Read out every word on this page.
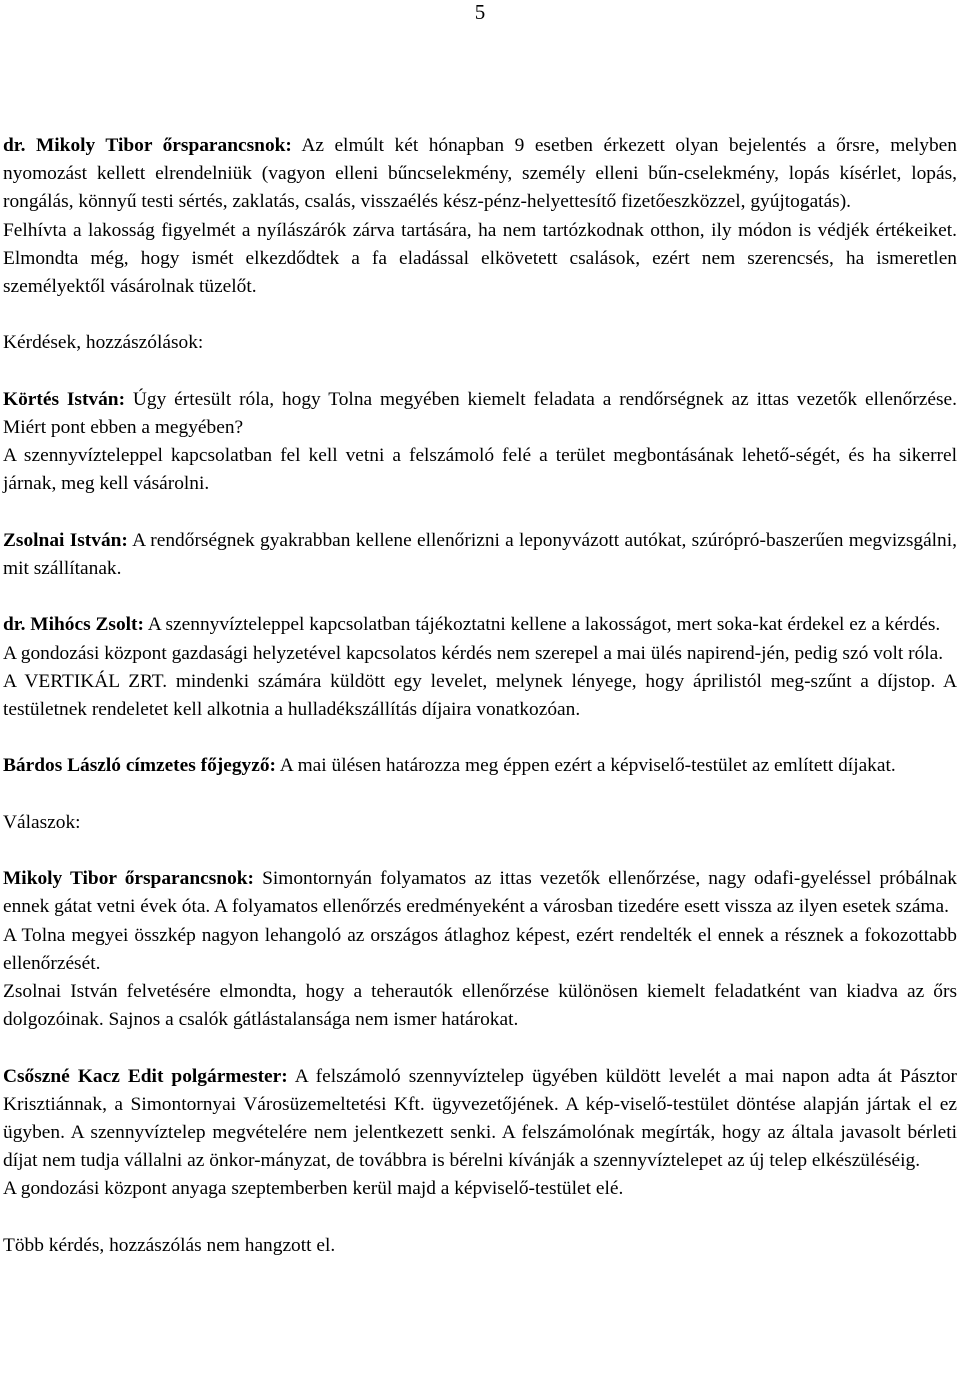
5

dr. Mikoly Tibor őrsparancsnok: Az elmúlt két hónapban 9 esetben érkezett olyan bejelentés a őrsre, melyben nyomozást kellett elrendelniük (vagyon elleni bűncselekmény, személy elleni bűn-cselekmény, lopás kísérlet, lopás, rongálás, könnyű testi sértés, zaklatás, csalás, visszaélés kész-pénz-helyettesítő fizetőeszközzel, gyújtogatás).

Felhívta a lakosság figyelmét a nyílászárók zárva tartására, ha nem tartózkodnak otthon, ily módon is védjék értékeiket. Elmondta még, hogy ismét elkezdődtek a fa eladással elkövetett csalások, ezért nem szerencsés, ha ismeretlen személyektől vásárolnak tüzelőt.

Kérdések, hozzászólások:

Körtés István: Úgy értesült róla, hogy Tolna megyében kiemelt feladata a rendőrségnek az ittas vezetők ellenőrzése. Miért pont ebben a megyében?

A szennyvízteleppel kapcsolatban fel kell vetni a felszámoló felé a terület megbontásának lehető-ségét, és ha sikerrel járnak, meg kell vásárolni.

Zsolnai István: A rendőrségnek gyakrabban kellene ellenőrizni a leponyvázott autókat, szúrópró-baszerűen megvizsgálni, mit szállítanak.

dr. Mihócs Zsolt: A szennyvízteleppel kapcsolatban tájékoztatni kellene a lakosságot, mert soka-kat érdekel ez a kérdés.

A gondozási központ gazdasági helyzetével kapcsolatos kérdés nem szerepel a mai ülés napirend-jén, pedig szó volt róla.

A VERTIKÁL ZRT. mindenki számára küldött egy levelet, melynek lényege, hogy áprilistól meg-szűnt a díjstop. A testületnek rendeletet kell alkotnia a hulladékszállítás díjaira vonatkozóan.

Bárdos László címzetes főjegyző: A mai ülésen határozza meg éppen ezért a képviselő-testület az említett díjakat.

Válaszok:

Mikoly Tibor őrsparancsnok: Simontornyán folyamatos az ittas vezetők ellenőrzése, nagy odafi-gyeléssel próbálnak ennek gátat vetni évek óta. A folyamatos ellenőrzés eredményeként a városban tizedére esett vissza az ilyen esetek száma.

A Tolna megyei összkép nagyon lehangoló az országos átlaghoz képest, ezért rendelték el ennek a résznek a fokozottabb ellenőrzését.

Zsolnai István felvetésére elmondta, hogy a teherautók ellenőrzése különösen kiemelt feladatként van kiadva az őrs dolgozóinak. Sajnos a csalók gátlástalansága nem ismer határokat.

Csőszné Kacz Edit polgármester: A felszámoló szennyvíztelep ügyében küldött levelét a mai napon adta át Pásztor Krisztiánnak, a Simontornyai Városüzemeltetési Kft. ügyvezetőjének. A kép-viselő-testület döntése alapján jártak el ez ügyben. A szennyvíztelep megvételére nem jelentkezett senki. A felszámolónak megírták, hogy az általa javasolt bérleti díjat nem tudja vállalni az önkor-mányzat, de továbbra is bérelni kívánják a szennyvíztelepet az új telep elkészüléséig.

A gondozási központ anyaga szeptemberben kerül majd a képviselő-testület elé.

Több kérdés, hozzászólás nem hangzott el.
